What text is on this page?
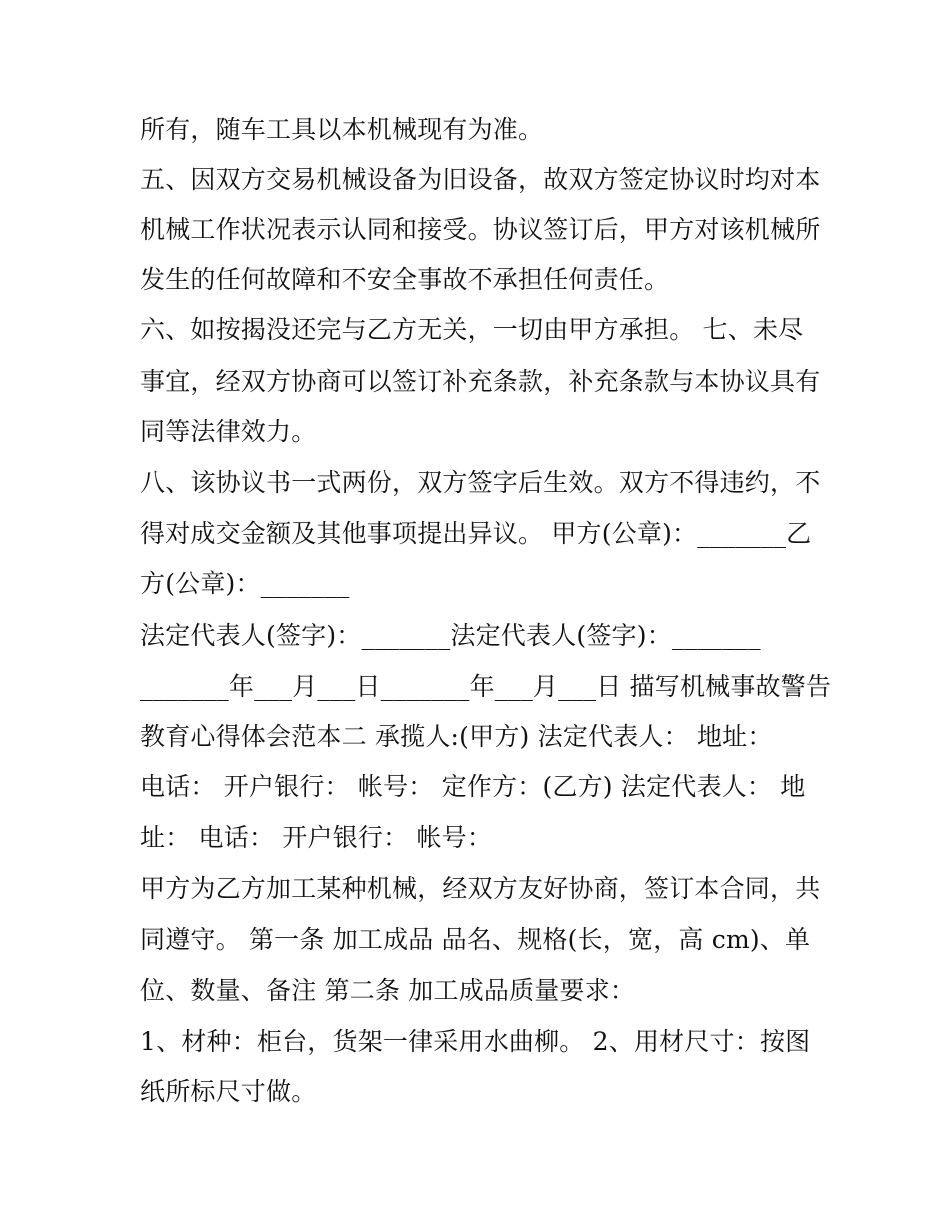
所有，随车工具以本机械现有为准。
五、因双方交易机械设备为旧设备，故双方签定协议时均对本
机械工作状况表示认同和接受。协议签订后，甲方对该机械所
发生的任何故障和不安全事故不承担任何责任。
六、如按揭没还完与乙方无关，一切由甲方承担。 七、未尽
事宜，经双方协商可以签订补充条款，补充条款与本协议具有
同等法律效力。
八、该协议书一式两份，双方签字后生效。双方不得违约，不
得对成交金额及其他事项提出异议。 甲方(公章)：_______乙
方(公章)：_______
法定代表人(签字)：_______法定代表人(签字)：_______
_______年___月___日_______年___月___日 描写机械事故警告
教育心得体会范本二 承揽人:(甲方) 法定代表人： 地址：
电话： 开户银行： 帐号： 定作方：(乙方) 法定代表人： 地
址： 电话： 开户银行： 帐号：
甲方为乙方加工某种机械，经双方友好协商，签订本合同，共
同遵守。 第一条 加工成品 品名、规格(长，宽，高 cm)、单
位、数量、备注 第二条 加工成品质量要求：
1、材种：柜台，货架一律采用水曲柳。 2、用材尺寸：按图
纸所标尺寸做。
